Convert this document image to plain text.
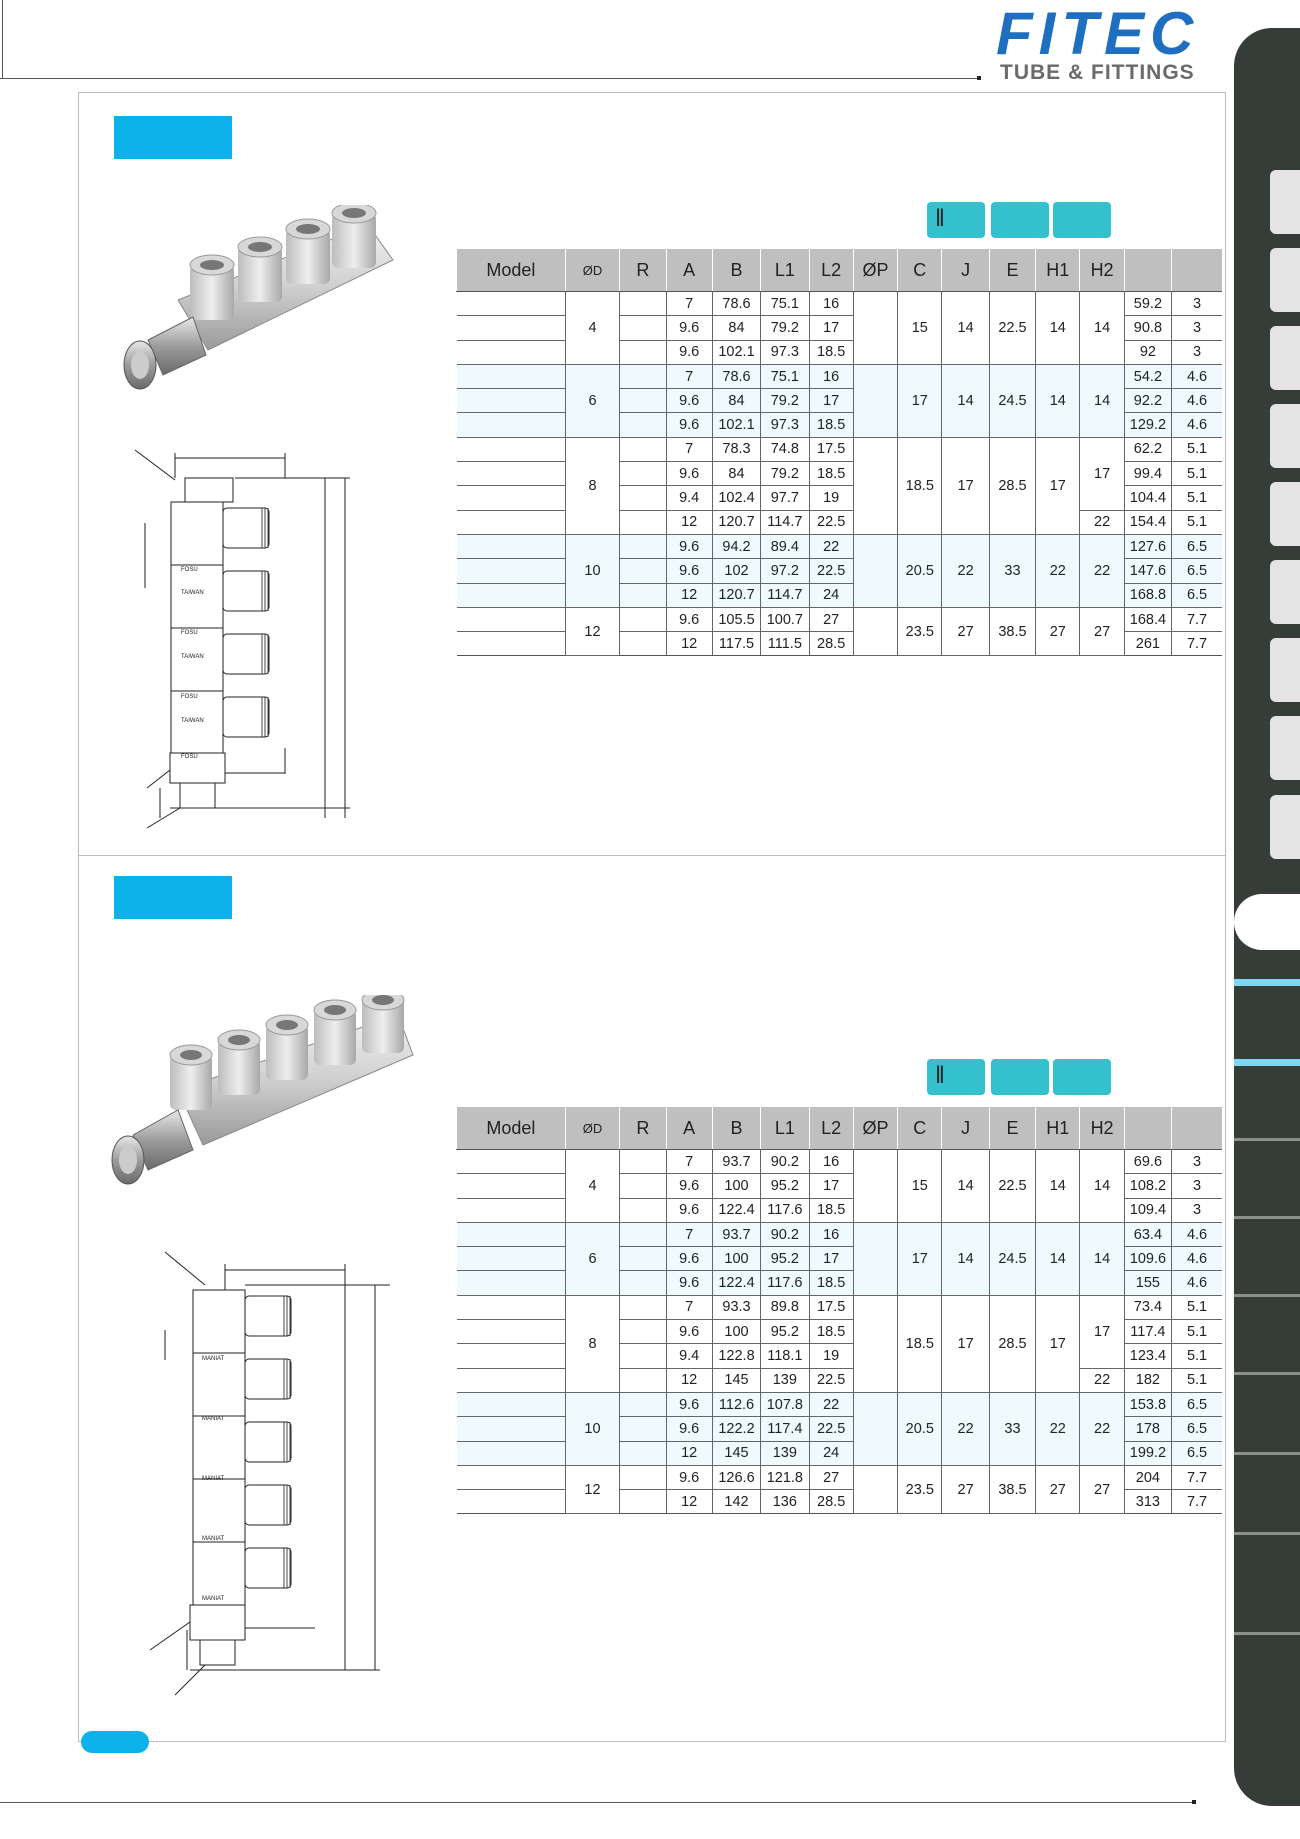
FITEC
TUBE & FITTINGS
‖
‖
Model	ØD	R	A	B	L1	L2	ØP	C	J	E	H1	H2		
	4		7	78.6	75.1	16		15	14	22.5	14	14	59.2	3
			9.6	84	79.2	17							90.8	3
			9.6	102.1	97.3	18.5							92	3
	6		7	78.6	75.1	16		17	14	24.5	14	14	54.2	4.6
			9.6	84	79.2	17							92.2	4.6
			9.6	102.1	97.3	18.5							129.2	4.6
	8		7	78.3	74.8	17.5		18.5	17	28.5	17	17	62.2	5.1
			9.6	84	79.2	18.5							99.4	5.1
			9.4	102.4	97.7	19							104.4	5.1
			12	120.7	114.7	22.5						22	154.4	5.1
	10		9.6	94.2	89.4	22		20.5	22	33	22	22	127.6	6.5
			9.6	102	97.2	22.5							147.6	6.5
			12	120.7	114.7	24							168.8	6.5
	12		9.6	105.5	100.7	27		23.5	27	38.5	27	27	168.4	7.7
			12	117.5	111.5	28.5							261	7.7
Model	ØD	R	A	B	L1	L2	ØP	C	J	E	H1	H2		
	4		7	93.7	90.2	16		15	14	22.5	14	14	69.6	3
			9.6	100	95.2	17							108.2	3
			9.6	122.4	117.6	18.5							109.4	3
	6		7	93.7	90.2	16		17	14	24.5	14	14	63.4	4.6
			9.6	100	95.2	17							109.6	4.6
			9.6	122.4	117.6	18.5							155	4.6
	8		7	93.3	89.8	17.5		18.5	17	28.5	17	17	73.4	5.1
			9.6	100	95.2	18.5							117.4	5.1
			9.4	122.8	118.1	19							123.4	5.1
			12	145	139	22.5						22	182	5.1
	10		9.6	112.6	107.8	22		20.5	22	33	22	22	153.8	6.5
			9.6	122.2	117.4	22.5							178	6.5
			12	145	139	24							199.2	6.5
	12		9.6	126.6	121.8	27		23.5	27	38.5	27	27	204	7.7
			12	142	136	28.5							313	7.7
FOSU
TAIWAN
FOSU
TAIWAN
FOSU
TAIWAN
FOSU
MANIAT
MANIAT
MANIAT
MANIAT
MANIAT
